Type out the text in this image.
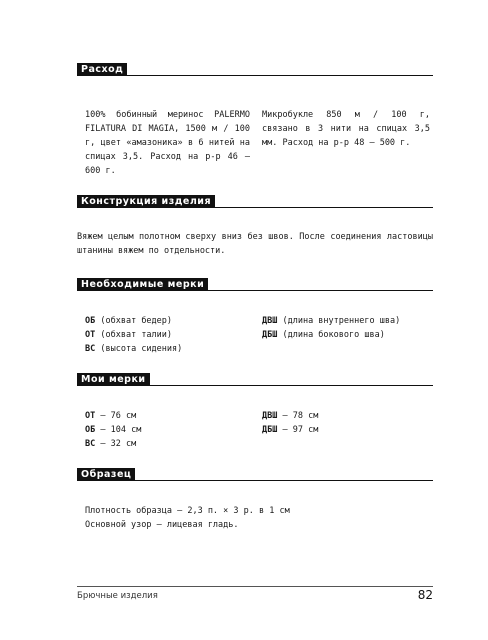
Расход
100% бобинный меринос PALERMO FILATURA DI MAGIA, 1500 м / 100 г, цвет «амазоника» в 6 нитей на спицах 3,5. Расход на р-р 46 — 600 г.
Микробукле 850 м / 100 г, связано в 3 нити на спицах 3,5 мм. Расход на р-р 48 — 500 г.
Конструкция изделия
Вяжем целым полотном сверху вниз без швов. После соединения ластовицы штанины вяжем по отдельности.
Необходимые мерки
ОБ (обхват бедер)
ОТ (обхват талии)
ВС (высота сидения)
ДВШ (длина внутреннего шва)
ДБШ (длина бокового шва)
Мои мерки
ОТ — 76 см
ОБ — 104 см
ВС — 32 см
ДВШ — 78 см
ДБШ — 97 см
Образец
Плотность образца — 2,3 п. × 3 р. в 1 см
Основной узор — лицевая гладь.
Брючные изделия	82
